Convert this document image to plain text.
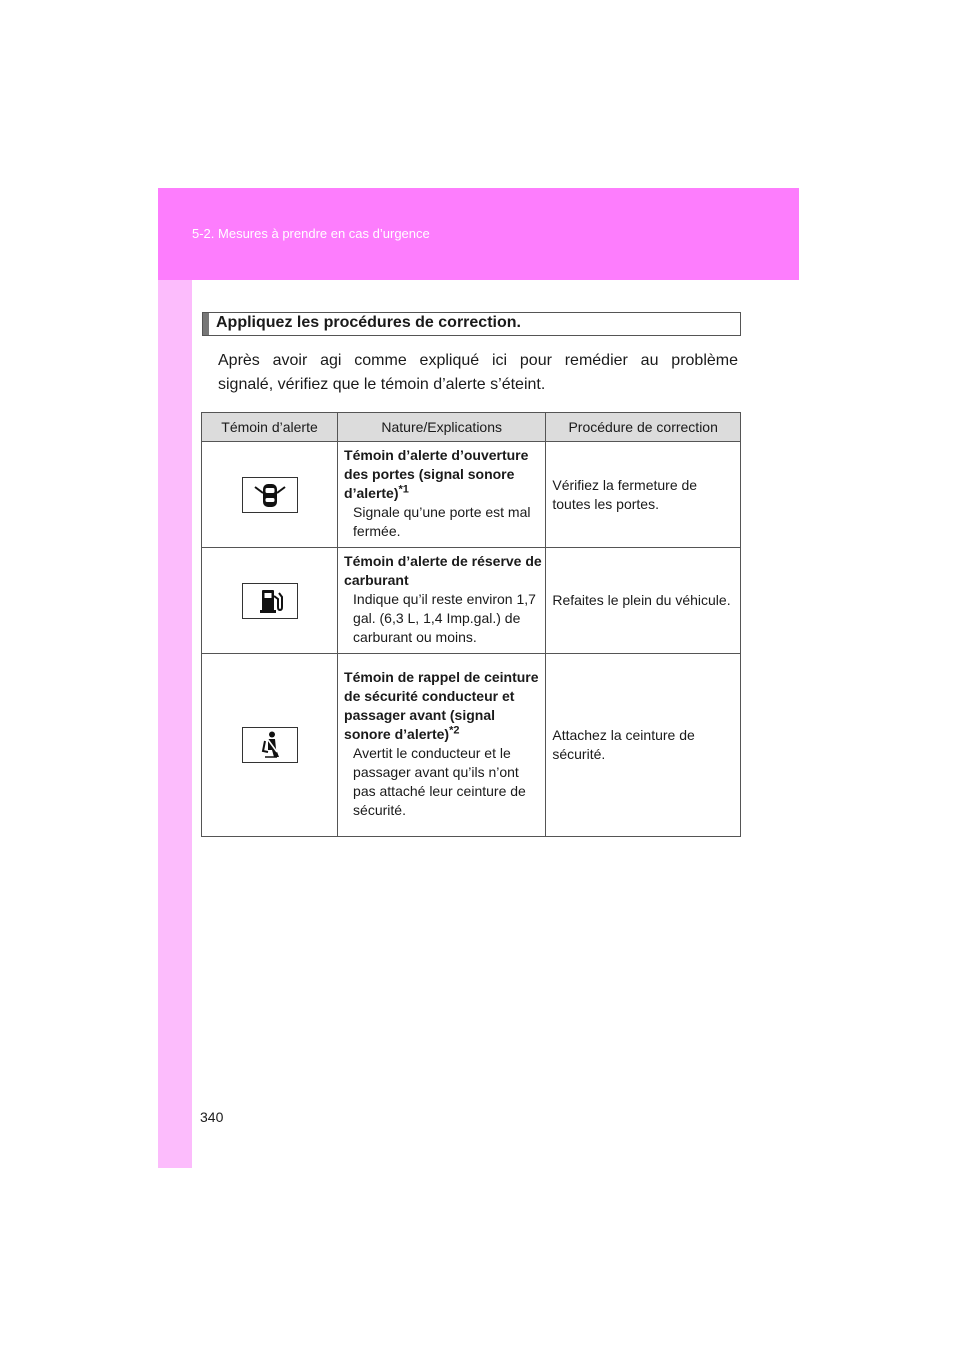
5-2. Mesures à prendre en cas d’urgence
Appliquez les procédures de correction.
Après avoir agi comme expliqué ici pour remédier au problème
signalé, vérifiez que le témoin d’alerte s’éteint.
Témoin d’alerte	Nature/Explications	Procédure de correction

Témoin d’alerte d’ouverture des portes (signal sonore d’alerte)$^{*1}$
Signale qu’une porte est mal fermée.	Vérifiez la fermeture de toutes les portes.

Témoin d’alerte de réserve de carburant
Indique qu’il reste environ 1,7 gal. (6,3 L, 1,4 Imp.gal.) de carburant ou moins.	Refaites le plein du véhicule.

Témoin de rappel de ceinture de sécurité conducteur et passager avant (signal sonore d’alerte)$^{*2}$
Avertit le conducteur et le passager avant qu’ils n’ont pas attaché leur ceinture de sécurité.	Attachez la ceinture de sécurité.
340
